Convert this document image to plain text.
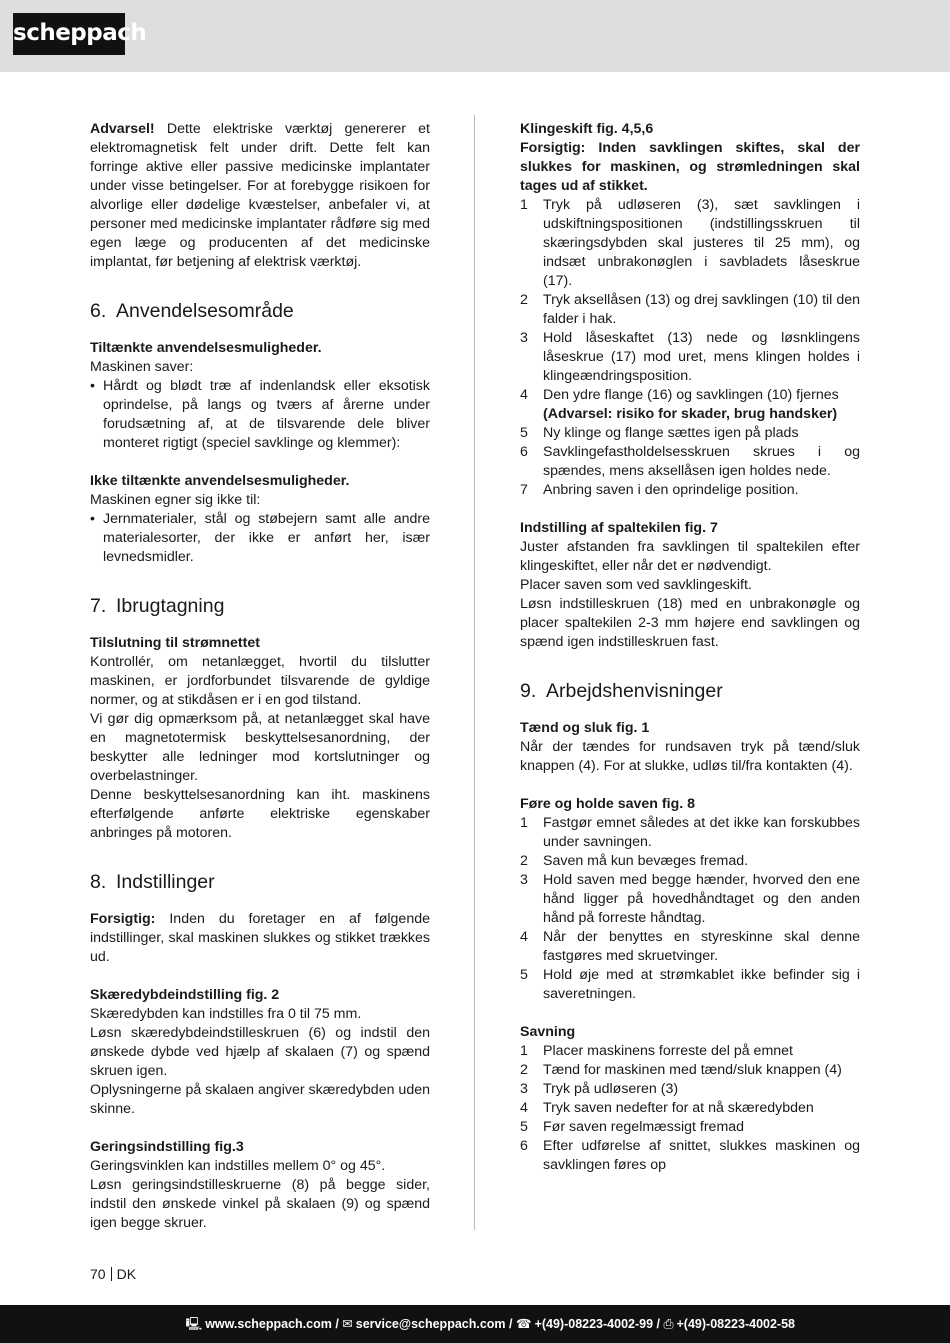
scheppach

Advarsel! Dette elektriske værktøj genererer et elektromagnetisk felt under drift. Dette felt kan forringe aktive eller passive medicinske implantater under visse betingelser. For at forebygge risikoen for alvorlige eller dødelige kvæstelser, anbefaler vi, at personer med medicinske implantater rådføre sig med egen læge og producenten af det medicinske implantat, før betjening af elektrisk værktøj.

6. Anvendelsesområde

Tiltænkte anvendelsesmuligheder.

Maskinen saver:

• Hårdt og blødt træ af indenlandsk eller eksotisk oprindelse, på langs og tværs af årerne under forudsætning af, at de tilsvarende dele bliver monteret rigtigt (speciel savklinge og klemmer):

Ikke tiltænkte anvendelsesmuligheder.

Maskinen egner sig ikke til:

• Jernmaterialer, stål og støbejern samt alle andre materialesorter, der ikke er anført her, især levnedsmidler.
7. Ibrugtagning

Tilslutning til strømnettet

Kontrollér, om netanlægget, hvortil du tilslutter maskinen, er jordforbundet tilsvarende de gyldige normer, og at stikdåsen er i en god tilstand.

Vi gør dig opmærksom på, at netanlægget skal have en magnetotermisk beskyttelsesanordning, der beskytter alle ledninger mod kortslutninger og overbelastninger.

Denne beskyttelsesanordning kan iht. maskinens efterfølgende anførte elektriske egenskaber anbringes på motoren.

8. Indstillinger

Forsigtig: Inden du foretager en af følgende indstillinger, skal maskinen slukkes og stikket trækkes ud.

Skæredybdeindstilling fig. 2

Skæredybden kan indstilles fra 0 til 75 mm.

Løsn skæredybdeindstilleskruen (6) og indstil den ønskede dybde ved hjælp af skalaen (7) og spænd skruen igen.

Oplysningerne på skalaen angiver skæredybden uden skinne.

Geringsindstilling fig.3

Geringsvinklen kan indstilles mellem 0° og 45°.

Løsn geringsindstilleskruerne (8) på begge sider, indstil den ønskede vinkel på skalaen (9) og spænd igen begge skruer.

Klingeskift fig. 4,5,6

Forsigtig: Inden savklingen skiftes, skal der slukkes for maskinen, og strømledningen skal tages ud af stikket.

1 Tryk på udløseren (3), sæt savklingen i udskiftningspositionen (indstillingsskruen til skæringsdybden skal justeres til 25 mm), og indsæt unbrakonøglen i savbladets låseskrue (17).
2 Tryk aksellåsen (13) og drej savklingen (10) til den falder i hak.
3 Hold låseskaftet (13) nede og løsnklingens låseskrue (17) mod uret, mens klingen holdes i klingeændringsposition.
4 Den ydre flange (16) og savklingen (10) fjernes
(Advarsel: risiko for skader, brug handsker)
5 Ny klinge og flange sættes igen på plads
6 Savklingefastholdelsesskruen skrues i og spændes, mens aksellåsen igen holdes nede.
7 Anbring saven i den oprindelige position.

Indstilling af spaltekilen fig. 7

Juster afstanden fra savklingen til spaltekilen efter klingeskiftet, eller når det er nødvendigt.

Placer saven som ved savklingeskift.

Løsn indstilleskruen (18) med en unbrakonøgle og placer spaltekilen 2-3 mm højere end savklingen og spænd igen indstilleskruen fast.

9. Arbejdshenvisninger

Tænd og sluk fig. 1

Når der tændes for rundsaven tryk på tænd/sluk knappen (4). For at slukke, udløs til/fra kontakten (4).

Føre og holde saven fig. 8

1 Fastgør emnet således at det ikke kan forskubbes under savningen.
2 Saven må kun bevæges fremad.
3 Hold saven med begge hænder, hvorved den ene hånd ligger på hovedhåndtaget og den anden hånd på forreste håndtag.
4 Når der benyttes en styreskinne skal denne fastgøres med skruetvinger.
5 Hold øje med at strømkablet ikke befinder sig i saveretningen.

Savning

1 Placer maskinens forreste del på emnet
2 Tænd for maskinen med tænd/sluk knappen (4)
3 Tryk på udløseren (3)
4 Tryk saven nedefter for at nå skæredybden
5 Før saven regelmæssigt fremad
6 Efter udførelse af snittet, slukkes maskinen og savklingen føres op
70 DK
🖳︎ www.scheppach.com / ✉ service@scheppach.com / ☎ +(49)-08223-4002-99 / ⎙ +(49)-08223-4002-58
